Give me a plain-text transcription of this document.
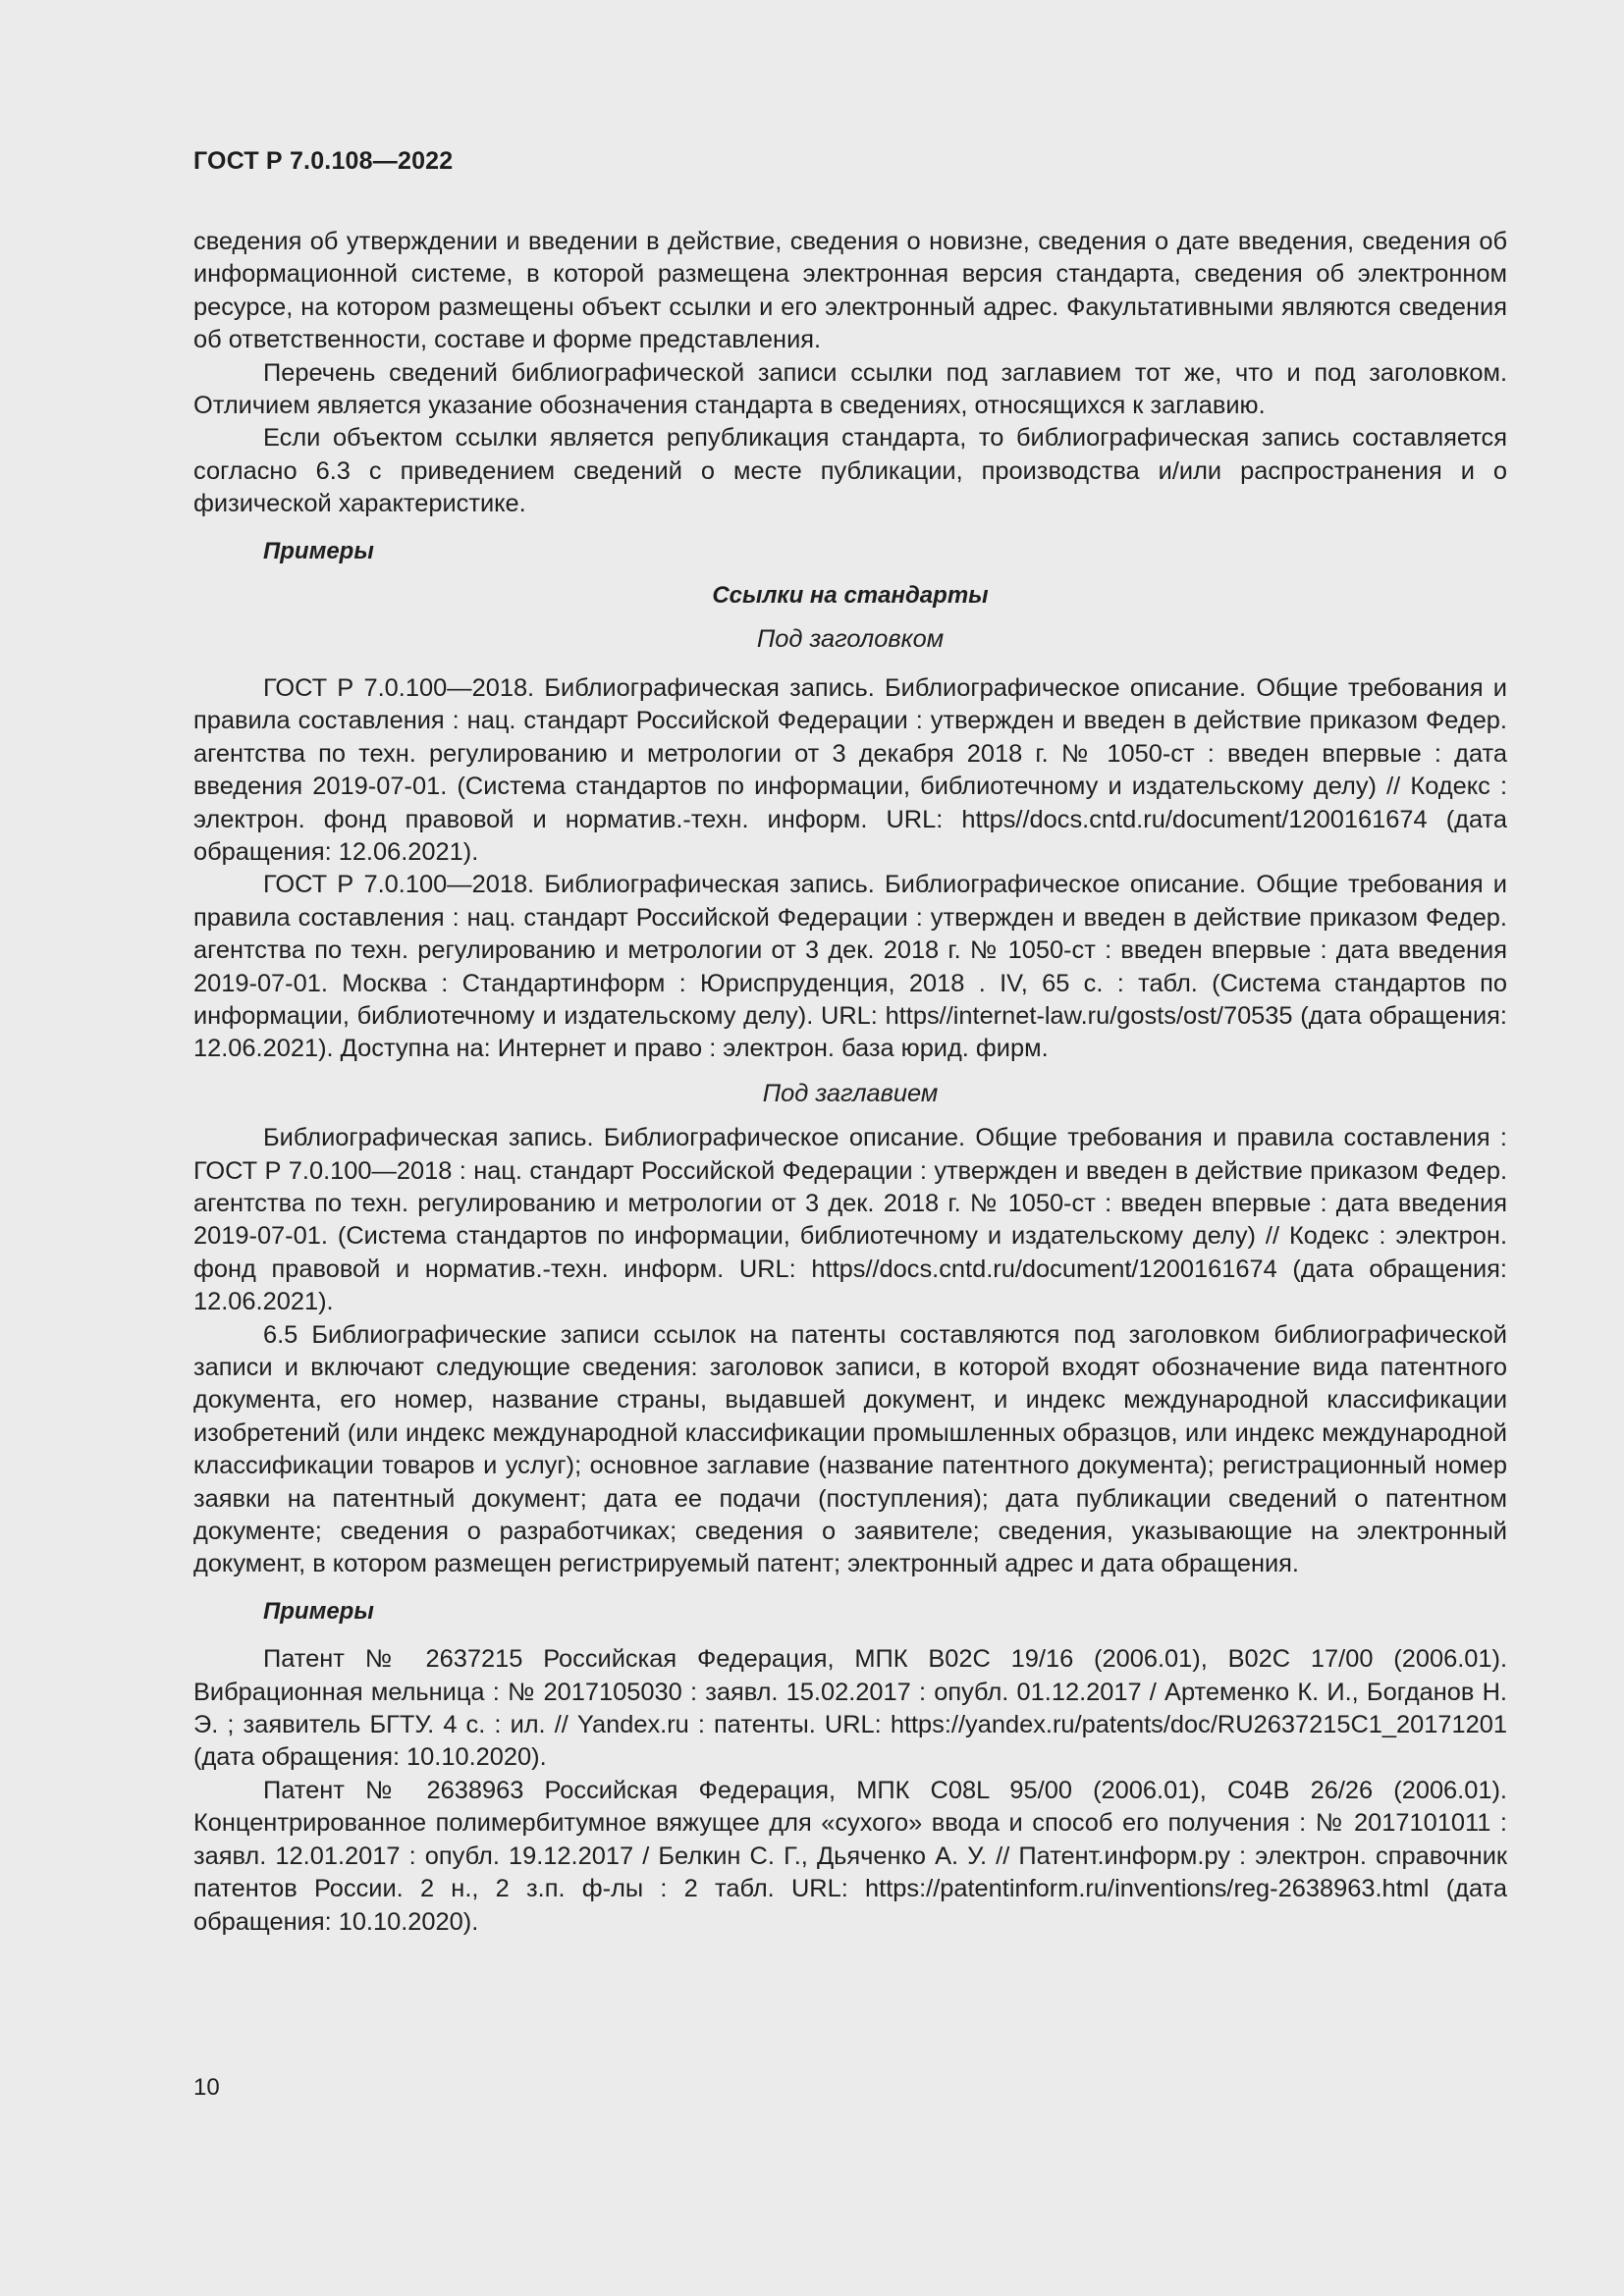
ГОСТ Р 7.0.108—2022

сведения об утверждении и введении в действие, сведения о новизне, сведения о дате введения, сведения об информационной системе, в которой размещена электронная версия стандарта, сведения об электронном ресурсе, на котором размещены объект ссылки и его электронный адрес. Факультативными являются сведения об ответственности, составе и форме представления.

Перечень сведений библиографической записи ссылки под заглавием тот же, что и под заголовком. Отличием является указание обозначения стандарта в сведениях, относящихся к заглавию.

Если объектом ссылки является републикация стандарта, то библиографическая запись составляется согласно 6.3 с приведением сведений о месте публикации, производства и/или распространения и о физической характеристике.

Примеры

Ссылки на стандарты

Под заголовком

ГОСТ Р 7.0.100—2018. Библиографическая запись. Библиографическое описание. Общие требования и правила составления : нац. стандарт Российской Федерации : утвержден и введен в действие приказом Федер. агентства по техн. регулированию и метрологии от 3 декабря 2018 г. № 1050-ст : введен впервые : дата введения 2019-07-01. (Система стандартов по информации, библиотечному и издательскому делу) // Кодекс : электрон. фонд правовой и норматив.-техн. информ. URL: https//docs.cntd.ru/document/1200161674 (дата обращения: 12.06.2021).

ГОСТ Р 7.0.100—2018. Библиографическая запись. Библиографическое описание. Общие требования и правила составления : нац. стандарт Российской Федерации : утвержден и введен в действие приказом Федер. агентства по техн. регулированию и метрологии от 3 дек. 2018 г. № 1050-ст : введен впервые : дата введения 2019-07-01. Москва : Стандартинформ : Юриспруденция, 2018 . IV, 65 с. : табл. (Система стандартов по информации, библиотечному и издательскому делу). URL: https//internet-law.ru/gosts/ost/70535 (дата обращения: 12.06.2021). Доступна на: Интернет и право : электрон. база юрид. фирм.

Под заглавием

Библиографическая запись. Библиографическое описание. Общие требования и правила составления : ГОСТ Р 7.0.100—2018 : нац. стандарт Российской Федерации : утвержден и введен в действие приказом Федер. агентства по техн. регулированию и метрологии от 3 дек. 2018 г. № 1050-ст : введен впервые : дата введения 2019-07-01. (Система стандартов по информации, библиотечному и издательскому делу) // Кодекс : электрон. фонд правовой и норматив.-техн. информ. URL: https//docs.cntd.ru/document/1200161674 (дата обращения: 12.06.2021).

6.5 Библиографические записи ссылок на патенты составляются под заголовком библиографической записи и включают следующие сведения: заголовок записи, в которой входят обозначение вида патентного документа, его номер, название страны, выдавшей документ, и индекс международной классификации изобретений (или индекс международной классификации промышленных образцов, или индекс международной классификации товаров и услуг); основное заглавие (название патентного документа); регистрационный номер заявки на патентный документ; дата ее подачи (поступления); дата публикации сведений о патентном документе; сведения о разработчиках; сведения о заявителе; сведения, указывающие на электронный документ, в котором размещен регистрируемый патент; электронный адрес и дата обращения.

Примеры

Патент № 2637215 Российская Федерация, МПК B02C 19/16 (2006.01), B02C 17/00 (2006.01). Вибрационная мельница : № 2017105030 : заявл. 15.02.2017 : опубл. 01.12.2017 / Артеменко К. И., Богданов Н. Э. ; заявитель БГТУ. 4 с. : ил. // Yandex.ru : патенты. URL: https://yandex.ru/patents/doc/RU2637215C1_20171201 (дата обращения: 10.10.2020).

Патент № 2638963 Российская Федерация, МПК C08L 95/00 (2006.01), C04B 26/26 (2006.01). Концентрированное полимербитумное вяжущее для «сухого» ввода и способ его получения : № 2017101011 : заявл. 12.01.2017 : опубл. 19.12.2017 / Белкин С. Г., Дьяченко А. У. // Патент.информ.ру : электрон. справочник патентов России. 2 н., 2 з.п. ф-лы : 2 табл. URL: https://patentinform.ru/inventions/reg-2638963.html (дата обращения: 10.10.2020).

10
